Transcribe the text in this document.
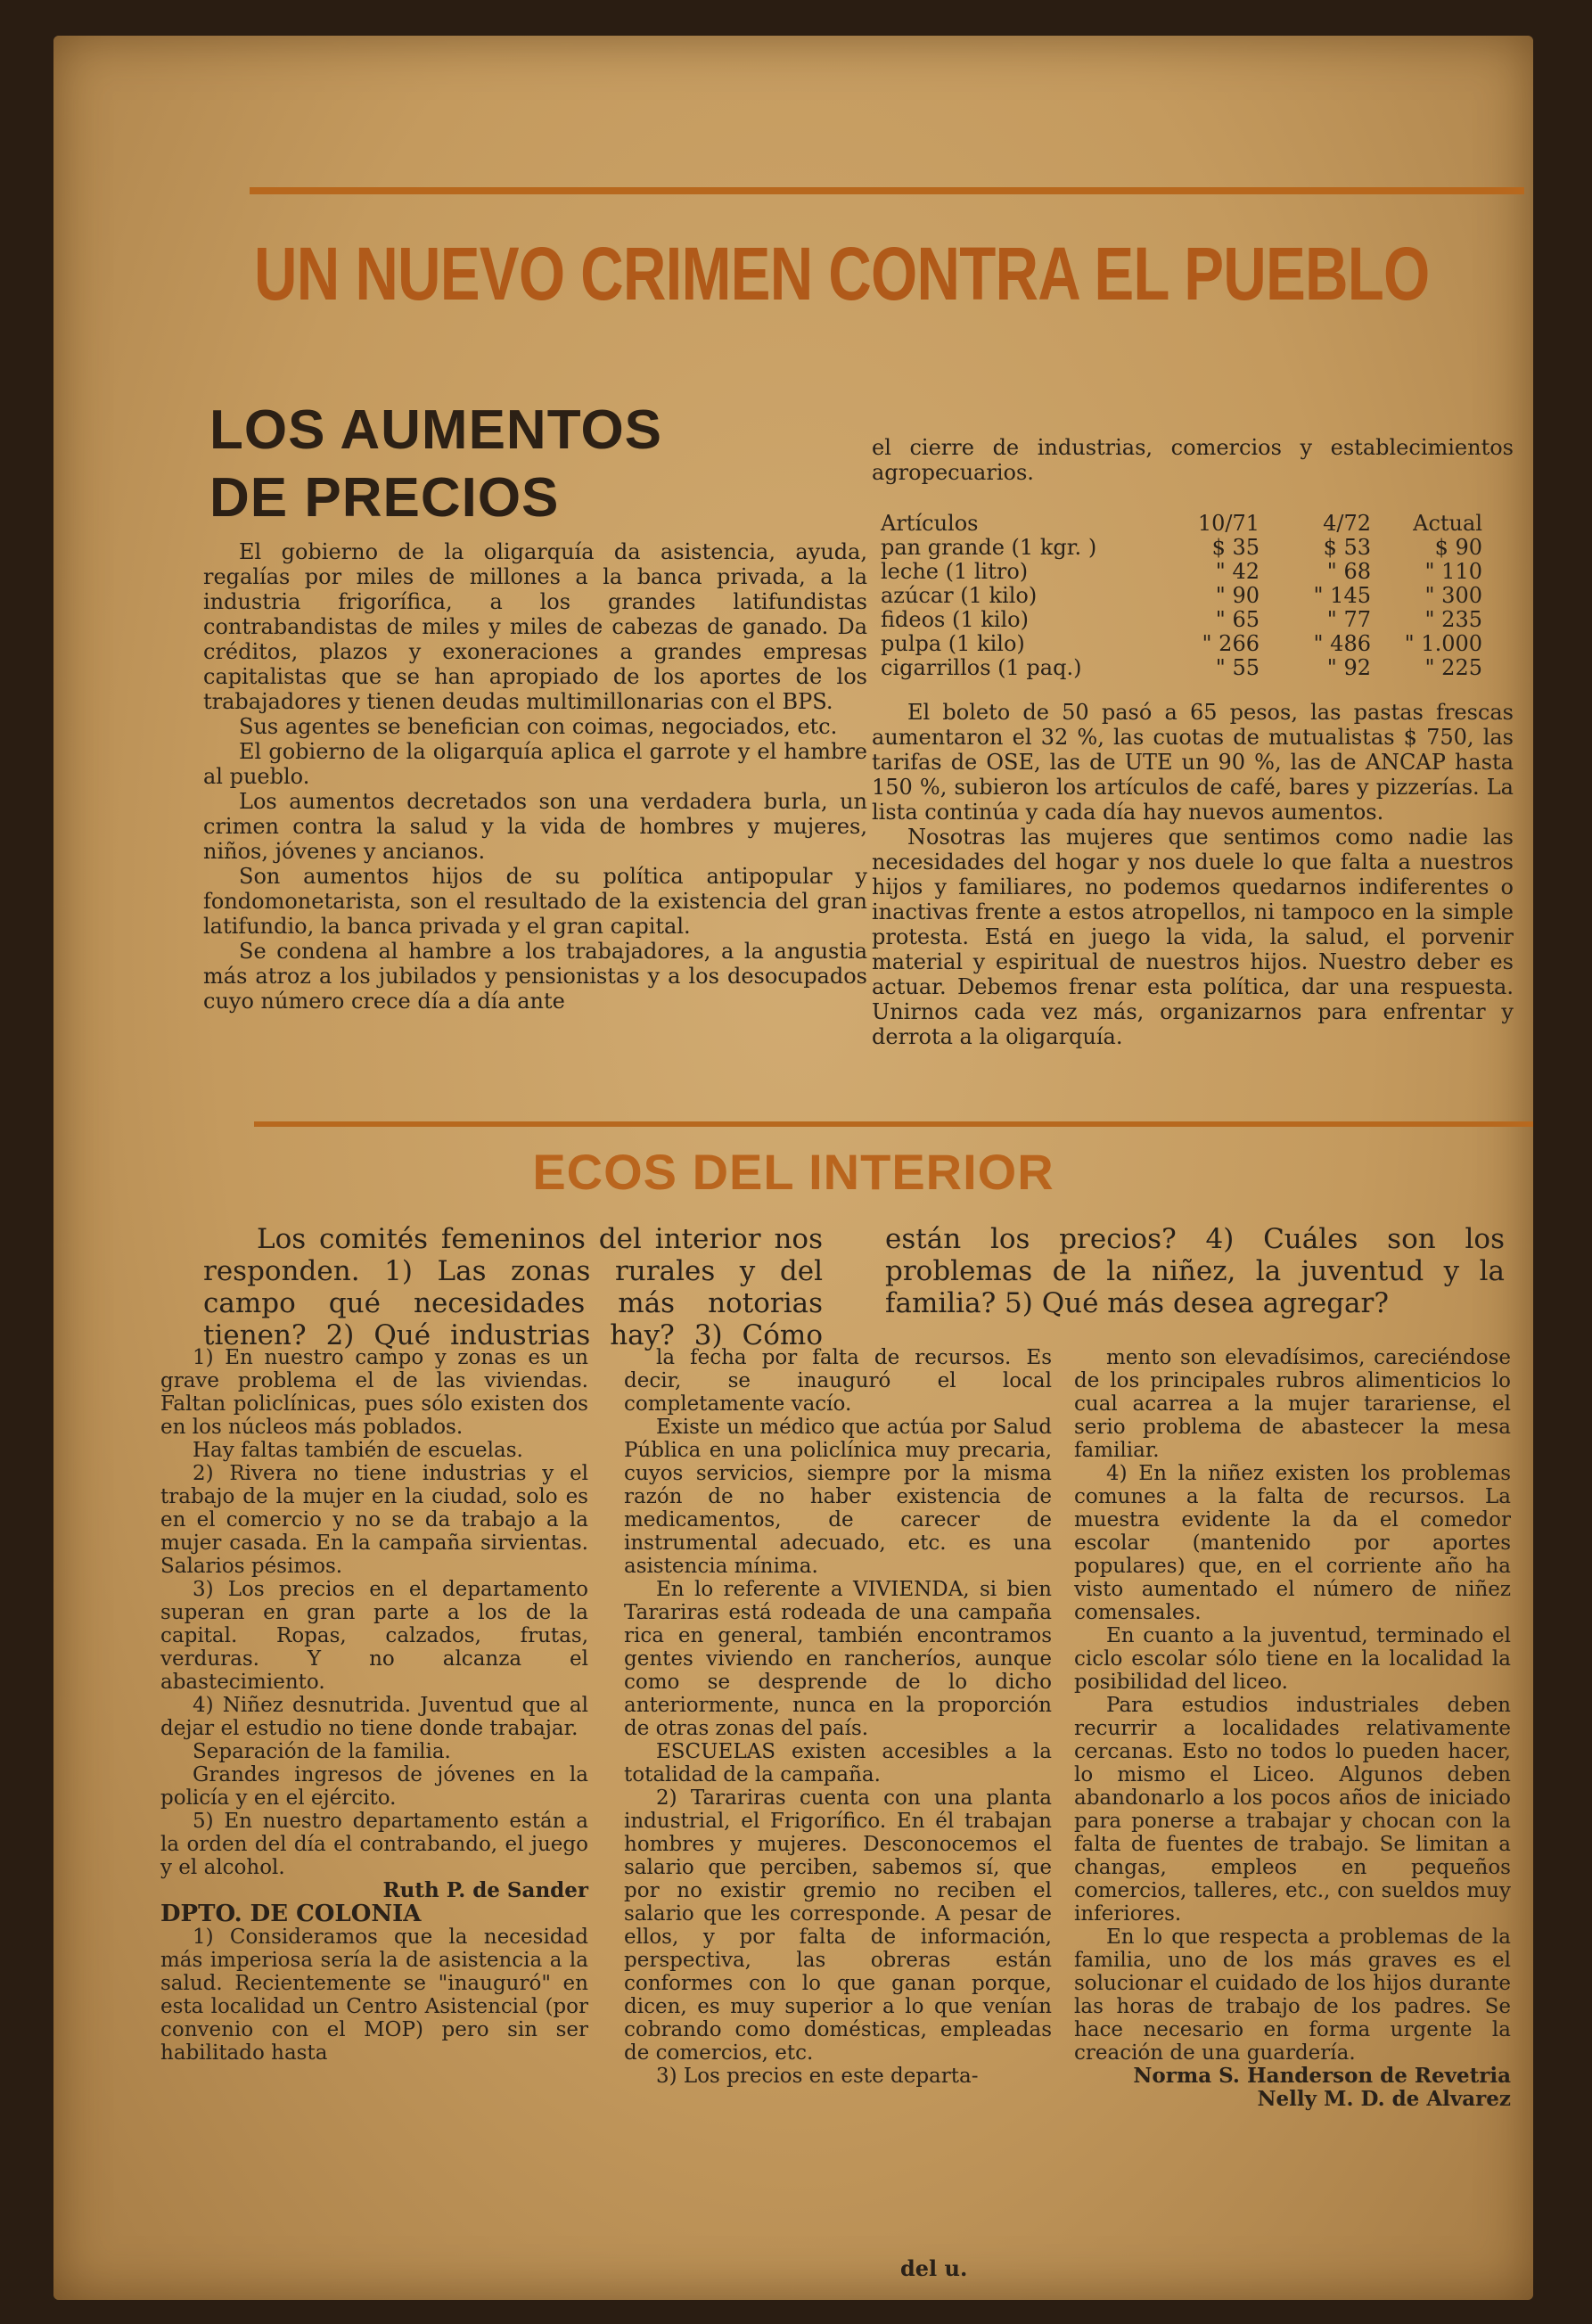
UN NUEVO CRIMEN CONTRA EL PUEBLO
LOS AUMENTOS
DE PRECIOS

El gobierno de la oligarquía da asistencia, ayuda, regalías por miles de millones a la banca privada, a la industria frigorífica, a los grandes latifundistas contrabandistas de miles y miles de cabezas de ganado. Da créditos, plazos y exoneraciones a grandes empresas capitalistas que se han apropiado de los aportes de los trabajadores y tienen deudas multimillonarias con el BPS.

Sus agentes se benefician con coimas, negociados, etc.

El gobierno de la oligarquía aplica el garrote y el hambre al pueblo.

Los aumentos decretados son una verdadera burla, un crimen contra la salud y la vida de hombres y mujeres, niños, jóvenes y ancianos.

Son aumentos hijos de su política antipopular y fondomonetarista, son el resultado de la existencia del gran latifundio, la banca privada y el gran capital.

Se condena al hambre a los trabajadores, a la angustia más atroz a los jubilados y pensionistas y a los desocupados cuyo número crece día a día ante

el cierre de industrias, comercios y establecimientos agropecuarios.

Artículos	10/71	4/72	Actual
pan grande (1 kgr. )	$ 35	$ 53	$ 90
leche (1 litro)	" 42	" 68	" 110
azúcar (1 kilo)	" 90	" 145	" 300
fideos (1 kilo)	" 65	" 77	" 235
pulpa (1 kilo)	" 266	" 486	" 1.000
cigarrillos (1 paq.)	" 55	" 92	" 225

El boleto de 50 pasó a 65 pesos, las pastas frescas aumentaron el 32 %, las cuotas de mutualistas $ 750, las tarifas de OSE, las de UTE un 90 %, las de ANCAP hasta 150 %, subieron los artículos de café, bares y pizzerías. La lista continúa y cada día hay nuevos aumentos.

Nosotras las mujeres que sentimos como nadie las necesidades del hogar y nos duele lo que falta a nuestros hijos y familiares, no podemos quedarnos indiferentes o inactivas frente a estos atropellos, ni tampoco en la simple protesta. Está en juego la vida, la salud, el porvenir material y espiritual de nuestros hijos. Nuestro deber es actuar. Debemos frenar esta política, dar una respuesta. Unirnos cada vez más, organizarnos para enfrentar y derrota a la oligarquía.

ECOS DEL INTERIOR

Los comités femeninos del interior nos responden. 1) Las zonas rurales y del campo qué necesidades más notorias tienen? 2) Qué industrias hay? 3) Cómo están los precios? 4) Cuáles son los problemas de la niñez, la juventud y la familia? 5) Qué más desea agregar?

1) En nuestro campo y zonas es un grave problema el de las viviendas. Faltan policlínicas, pues sólo existen dos en los núcleos más poblados.

Hay faltas también de escuelas.

2) Rivera no tiene industrias y el trabajo de la mujer en la ciudad, solo es en el comercio y no se da trabajo a la mujer casada. En la campaña sirvientas. Salarios pésimos.

3) Los precios en el departamento superan en gran parte a los de la capital. Ropas, calzados, frutas, verduras. Y no alcanza el abastecimiento.

4) Niñez desnutrida. Juventud que al dejar el estudio no tiene donde trabajar.

Separación de la familia.

Grandes ingresos de jóvenes en la policía y en el ejército.

5) En nuestro departamento están a la orden del día el contrabando, el juego y el alcohol.

Ruth P. de Sander

DPTO. DE COLONIA

1) Consideramos que la necesidad más imperiosa sería la de asistencia a la salud. Recientemente se "inauguró" en esta localidad un Centro Asistencial (por convenio con el MOP) pero sin ser habilitado hasta

la fecha por falta de recursos. Es decir, se inauguró el local completamente vacío.

Existe un médico que actúa por Salud Pública en una policlínica muy precaria, cuyos servicios, siempre por la misma razón de no haber existencia de medicamentos, de carecer de instrumental adecuado, etc. es una asistencia mínima.

En lo referente a VIVIENDA, si bien Tarariras está rodeada de una campaña rica en general, también encontramos gentes viviendo en rancheríos, aunque como se desprende de lo dicho anteriormente, nunca en la proporción de otras zonas del país.

ESCUELAS existen accesibles a la totalidad de la campaña.

2) Tarariras cuenta con una planta industrial, el Frigorífico. En él trabajan hombres y mujeres. Desconocemos el salario que perciben, sabemos sí, que por no existir gremio no reciben el salario que les corresponde. A pesar de ellos, y por falta de información, perspectiva, las obreras están conformes con lo que ganan porque, dicen, es muy superior a lo que venían cobrando como domésticas, empleadas de comercios, etc.

3) Los precios en este departa-

mento son elevadísimos, careciéndose de los principales rubros alimenticios lo cual acarrea a la mujer tarariense, el serio problema de abastecer la mesa familiar.

4) En la niñez existen los problemas comunes a la falta de recursos. La muestra evidente la da el comedor escolar (mantenido por aportes populares) que, en el corriente año ha visto aumentado el número de niñez comensales.

En cuanto a la juventud, terminado el ciclo escolar sólo tiene en la localidad la posibilidad del liceo.

Para estudios industriales deben recurrir a localidades relativamente cercanas. Esto no todos lo pueden hacer, lo mismo el Liceo. Algunos deben abandonarlo a los pocos años de iniciado para ponerse a trabajar y chocan con la falta de fuentes de trabajo. Se limitan a changas, empleos en pequeños comercios, talleres, etc., con sueldos muy inferiores.

En lo que respecta a problemas de la familia, uno de los más graves es el solucionar el cuidado de los hijos durante las horas de trabajo de los padres. Se hace necesario en forma urgente la creación de una guardería.

Norma S. Handerson de Revetria

Nelly M. D. de Alvarez

del u.
